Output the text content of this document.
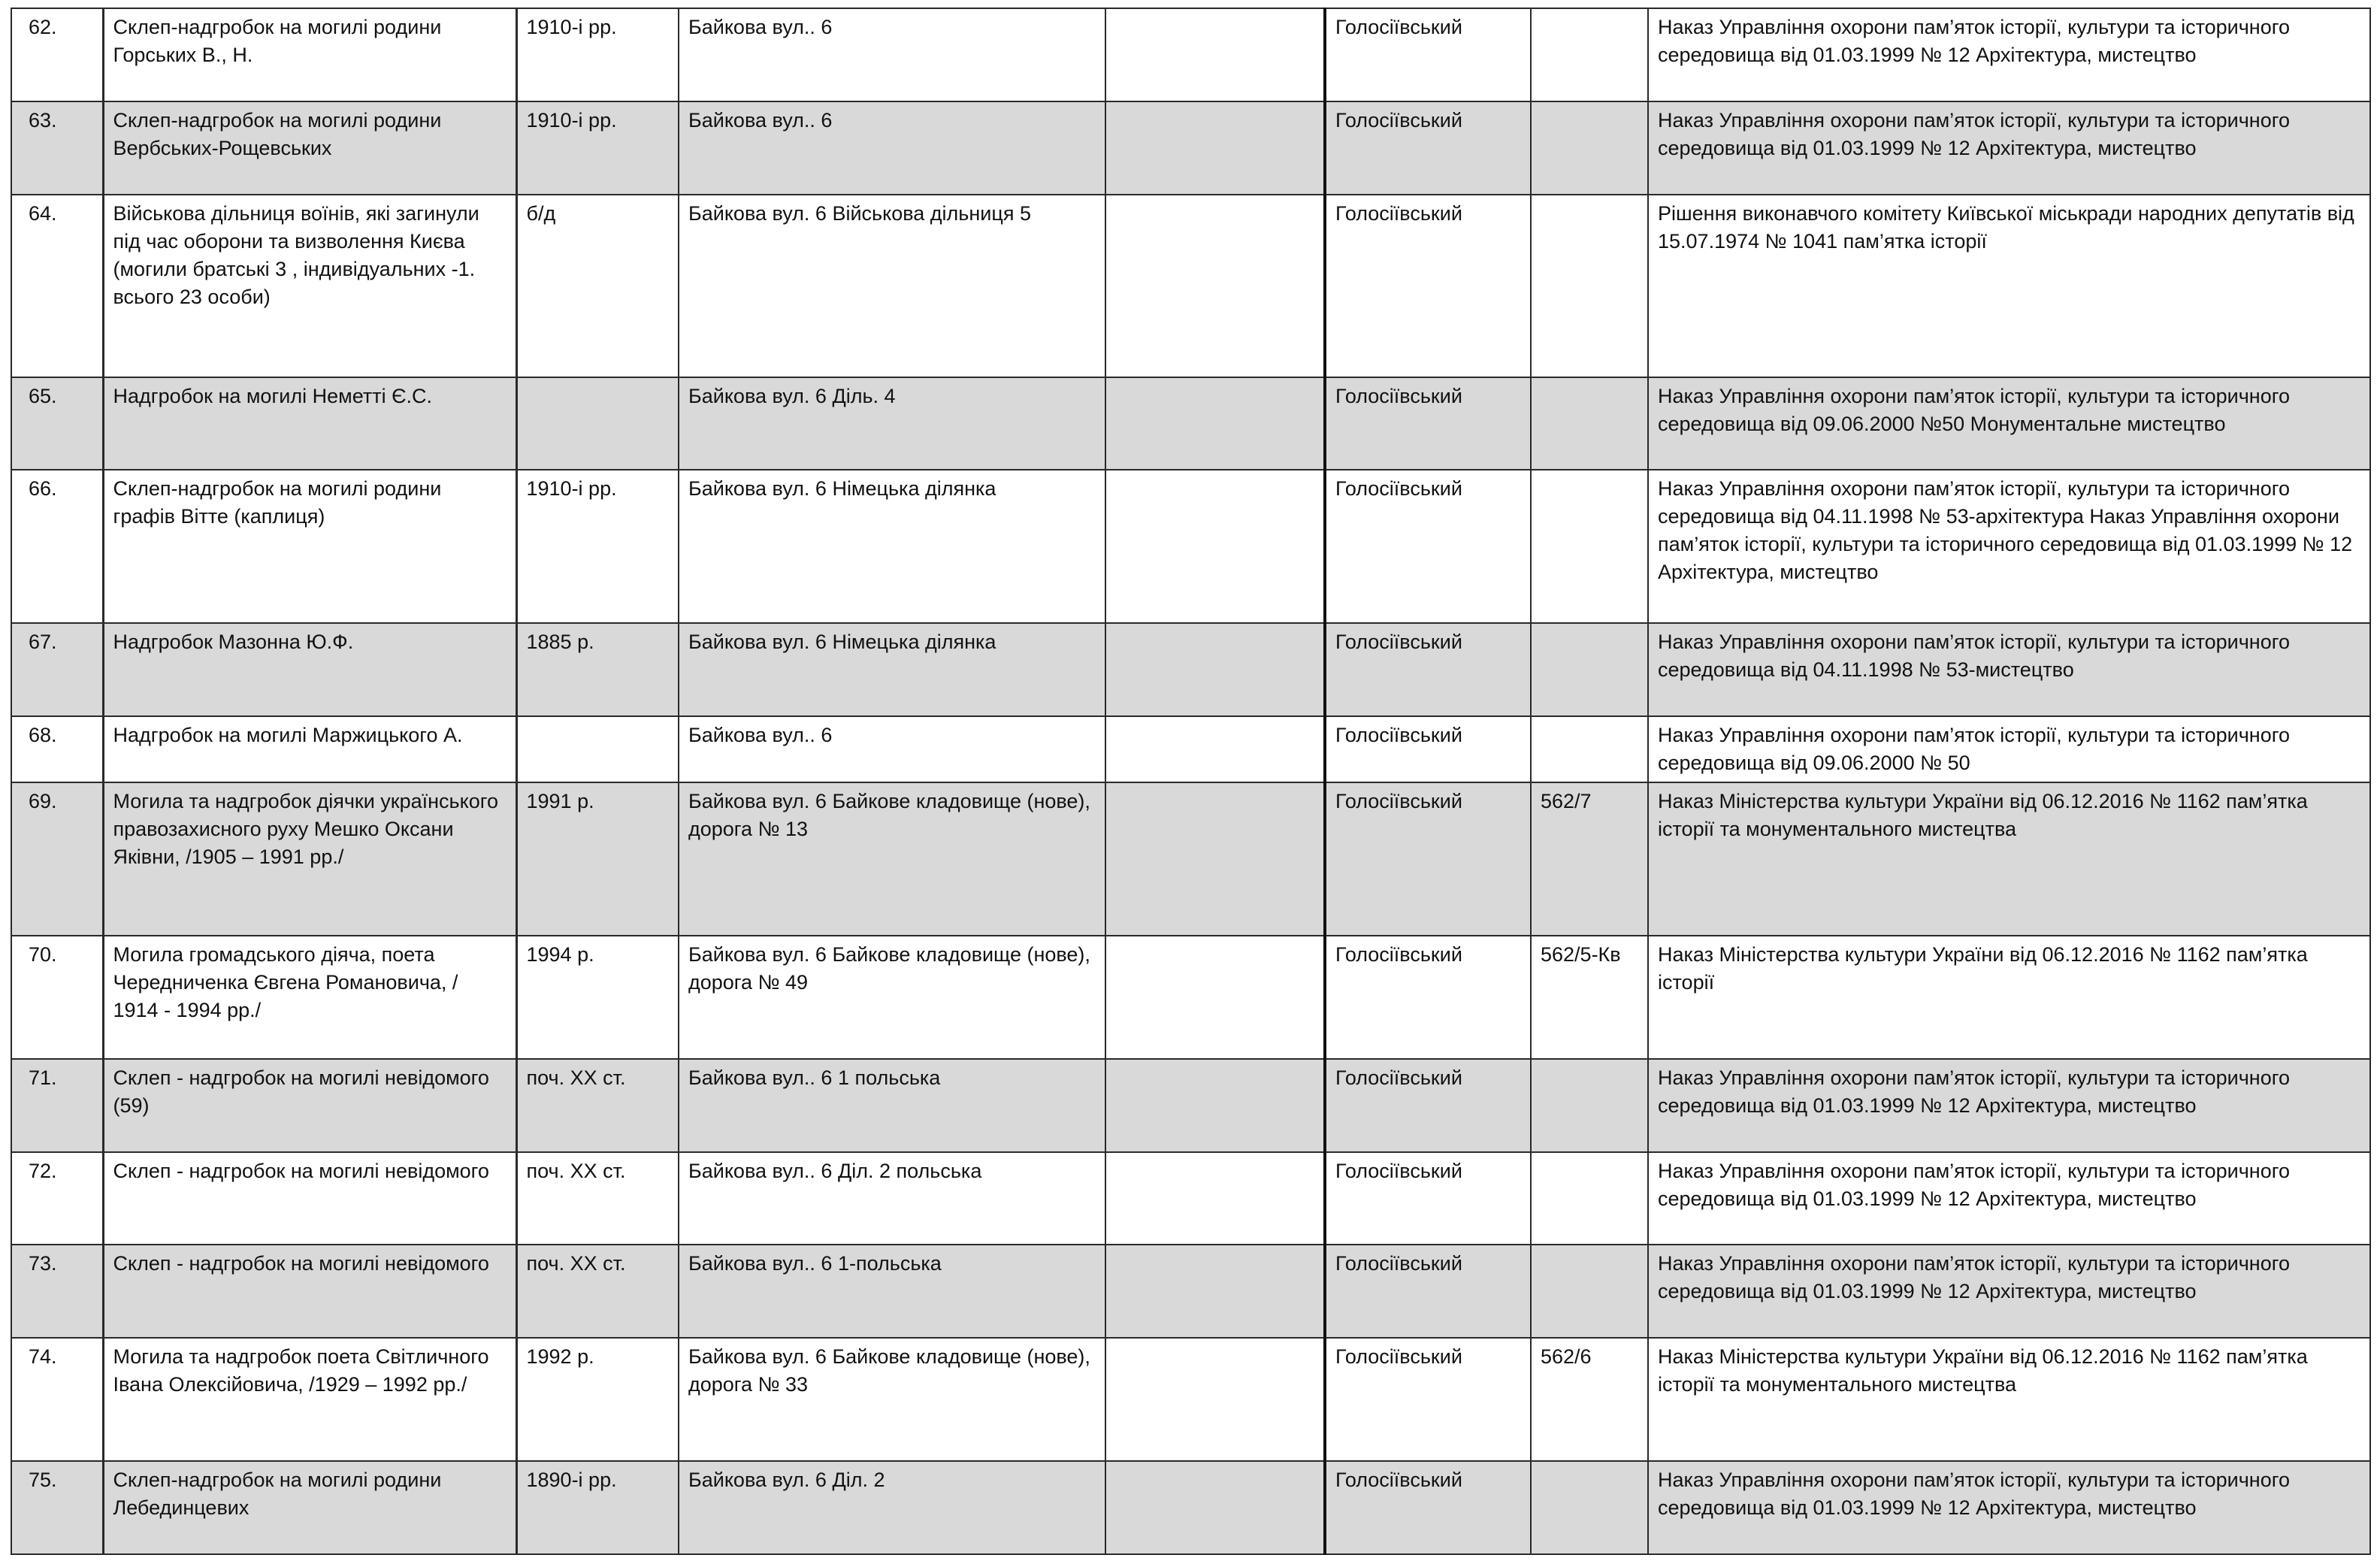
62.	Склеп-надгробок на могилі родини Горських В., Н.	1910-і рр.	Байкова вул.. 6		Голосіївський		Наказ Управління охорони пам’яток історії, культури та історичного середовища від 01.03.1999 № 12 Архітектура, мистецтво
63.	Склеп-надгробок на могилі родини Вербських-Рощевських	1910-і рр.	Байкова вул.. 6		Голосіївський		Наказ Управління охорони пам’яток історії, культури та історичного середовища від 01.03.1999 № 12 Архітектура, мистецтво
64.	Військова дільниця воїнів, які загинули під час оборони та визволення Києва (могили братські 3 , індивідуальних -1. всього 23 особи)	б/д	Байкова вул. 6 Військова дільниця 5		Голосіївський		Рішення виконавчого комітету Київської міськради народних депутатів від 15.07.1974 № 1041 пам’ятка історії
65.	Надгробок на могилі Неметті Є.С.		Байкова вул. 6 Діль. 4		Голосіївський		Наказ Управління охорони пам’яток історії, культури та історичного середовища від 09.06.2000 №50 Монументальне мистецтво
66.	Склеп-надгробок на могилі родини графів Вітте (каплиця)	1910-і рр.	Байкова вул. 6 Німецька ділянка		Голосіївський		Наказ Управління охорони пам’яток історії, культури та історичного середовища від 04.11.1998 № 53-архітектура Наказ Управління охорони пам’яток історії, культури та історичного середовища від 01.03.1999 № 12 Архітектура, мистецтво
67.	Надгробок Мазонна Ю.Ф.	1885 р.	Байкова вул. 6 Німецька ділянка		Голосіївський		Наказ Управління охорони пам’яток історії, культури та історичного середовища від 04.11.1998 № 53-мистецтво
68.	Надгробок на могилі Маржицького А.		Байкова вул.. 6		Голосіївський		Наказ Управління охорони пам’яток історії, культури та історичного середовища від 09.06.2000 № 50
69.	Могила та надгробок діячки українського правозахисного руху Мешко Оксани Яківни, /1905 – 1991 рр./	1991 р.	Байкова вул. 6 Байкове кладовище (нове), дорога № 13		Голосіївський	562/7	Наказ Міністерства культури України від 06.12.2016 № 1162 пам’ятка історії та монументального мистецтва
70.	Могила громадського діяча, поета Чередниченка Євгена Романовича, / 1914 - 1994 рр./	1994 р.	Байкова вул. 6 Байкове кладовище (нове), дорога № 49		Голосіївський	562/5-Кв	Наказ Міністерства культури України від 06.12.2016 № 1162 пам’ятка історії
71.	Склеп - надгробок на могилі невідомого (59)	поч. ХХ ст.	Байкова вул.. 6 1 польська		Голосіївський		Наказ Управління охорони пам’яток історії, культури та історичного середовища від 01.03.1999 № 12 Архітектура, мистецтво
72.	Склеп - надгробок на могилі невідомого	поч. ХХ ст.	Байкова вул.. 6 Діл. 2 польська		Голосіївський		Наказ Управління охорони пам’яток історії, культури та історичного середовища від 01.03.1999 № 12 Архітектура, мистецтво
73.	Склеп - надгробок на могилі невідомого	поч. ХХ ст.	Байкова вул.. 6 1-польська		Голосіївський		Наказ Управління охорони пам’яток історії, культури та історичного середовища від 01.03.1999 № 12 Архітектура, мистецтво
74.	Могила та надгробок поета Світличного Івана Олексійовича, /1929 – 1992 рр./	1992 р.	Байкова вул. 6 Байкове кладовище (нове), дорога № 33		Голосіївський	562/6	Наказ Міністерства культури України від 06.12.2016 № 1162 пам’ятка історії та монументального мистецтва
75.	Склеп-надгробок на могилі родини Лебединцевих	1890-і рр.	Байкова вул. 6 Діл. 2		Голосіївський		Наказ Управління охорони пам’яток історії, культури та історичного середовища від 01.03.1999 № 12 Архітектура, мистецтво
